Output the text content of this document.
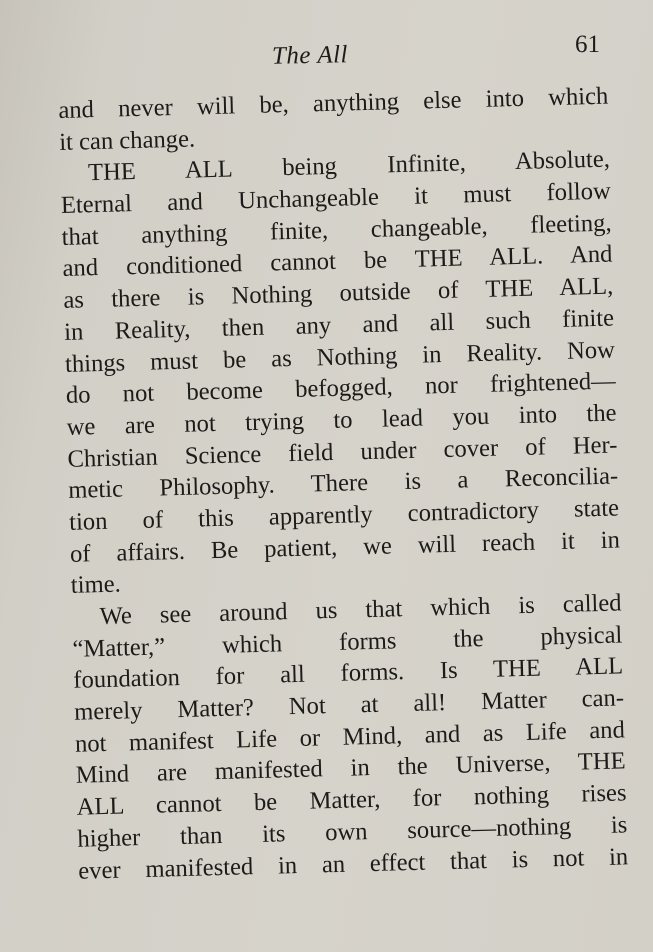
The All	61
and never will be, anything else into which
it can change.
THE ALL being Infinite, Absolute,
Eternal and Unchangeable it must follow
that anything finite, changeable, fleeting,
and conditioned cannot be THE ALL. And
as there is Nothing outside of THE ALL,
in Reality, then any and all such finite
things must be as Nothing in Reality. Now
do not become befogged, nor frightened—
we are not trying to lead you into the
Christian Science field under cover of Her-
metic Philosophy. There is a Reconcilia-
tion of this apparently contradictory state
of affairs. Be patient, we will reach it in
time.
We see around us that which is called
“Matter,” which forms the physical
foundation for all forms. Is THE ALL
merely Matter? Not at all! Matter can-
not manifest Life or Mind, and as Life and
Mind are manifested in the Universe, THE
ALL cannot be Matter, for nothing rises
higher than its own source—nothing is
ever manifested in an effect that is not in
